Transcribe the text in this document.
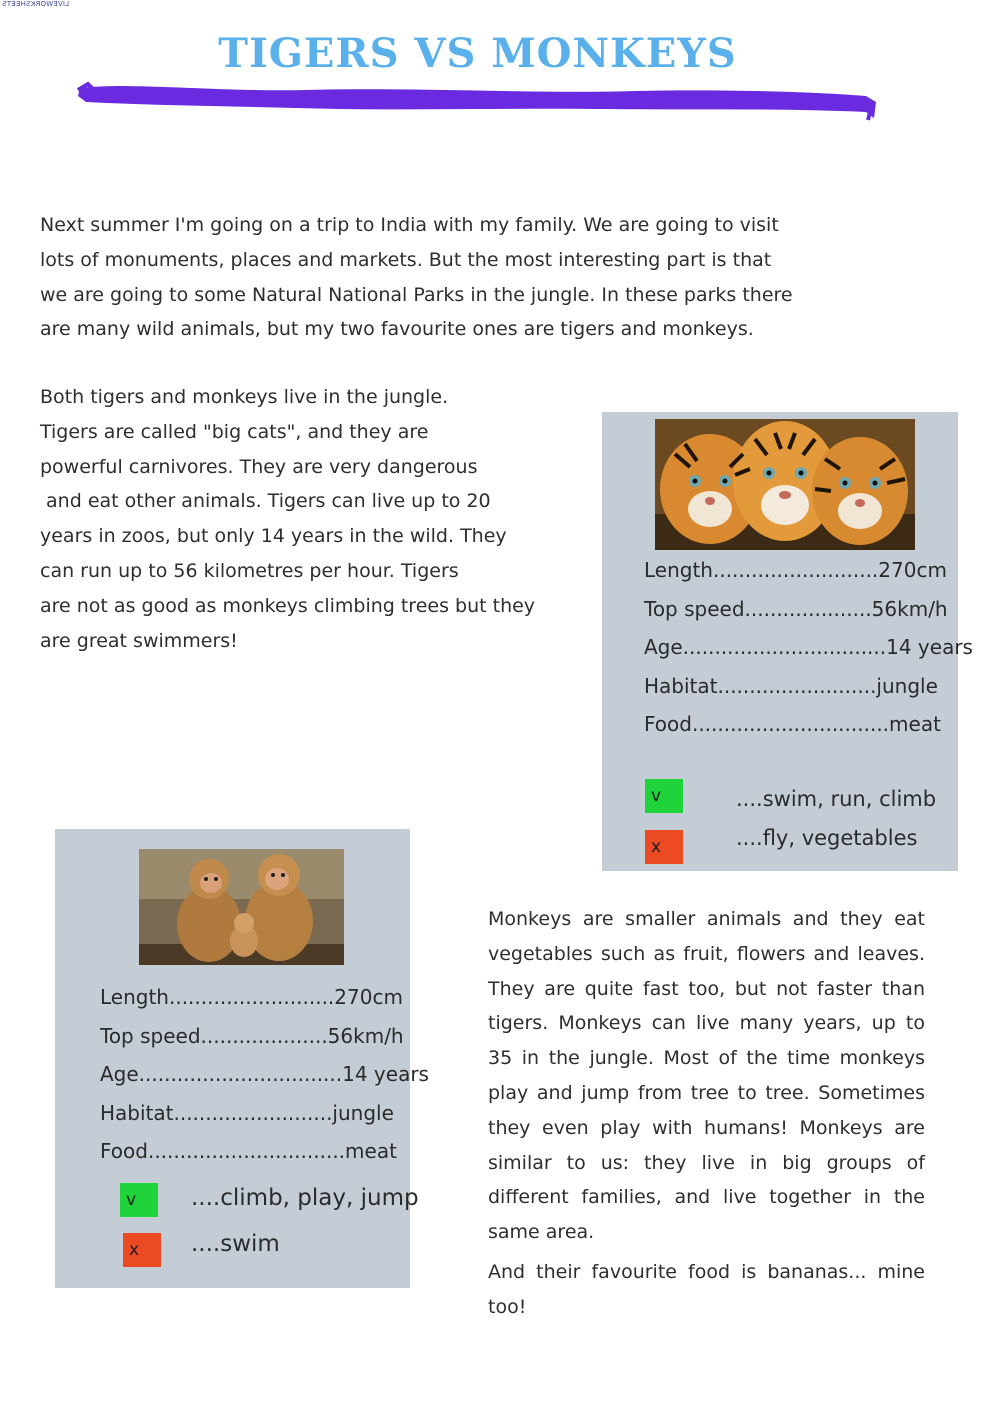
LIVEWORKSHEETS
TIGERS VS MONKEYS
Next summer I'm going on a trip to India with my family. We are going to visit
lots of monuments, places and markets. But the most interesting part is that
we are going to some Natural National Parks in the jungle. In these parks there
are many wild animals, but my two favourite ones are tigers and monkeys.
Both tigers and monkeys live in the jungle.
Tigers are called "big cats", and they are
powerful carnivores. They are very dangerous
and eat other animals. Tigers can live up to 20
years in zoos, but only 14 years in the wild. They
can run up to 56 kilometres per hour. Tigers
are not as good as monkeys climbing trees but they
are great swimmers!
Length..........................270cm
Top speed....................56km/h
Age................................14 years
Habitat.........................jungle
Food...............................meat
v	....swim, run, climb
x	....fly, vegetables
Length..........................270cm
Top speed....................56km/h
Age................................14 years
Habitat.........................jungle
Food...............................meat
v	....climb, play, jump
x	....swim
Monkeys are smaller animals and they eat vegetables such as fruit, flowers and leaves. They are quite fast too, but not faster than tigers. Monkeys can live many years, up to 35 in the jungle. Most of the time monkeys play and jump from tree to tree. Sometimes they even play with humans! Monkeys are similar to us: they live in big groups of different families, and live together in the same area.
And their favourite food is bananas... mine too!
